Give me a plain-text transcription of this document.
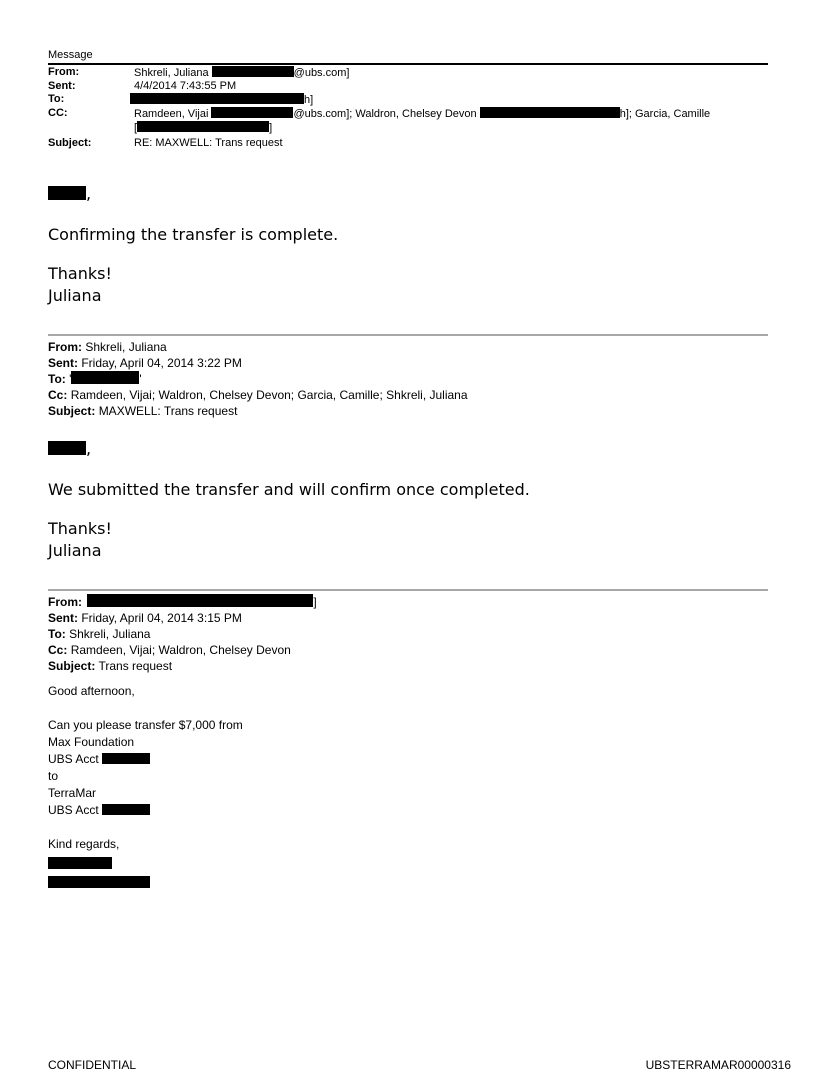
Message
From:	Shkreli, Juliana	@ubs.com]
Sent:	4/4/2014 7:43:55 PM
To:	h]
CC:	Ramdeen, Vijai	@ubs.com]; Waldron, Chelsey Devon	h]; Garcia, Camille
[	]
Subject:	RE: MAXWELL: Trans request
,
Confirming the transfer is complete.
Thanks!
Juliana
From: Shkreli, Juliana
Sent: Friday, April 04, 2014 3:22 PM
To: '	'
Cc: Ramdeen, Vijai; Waldron, Chelsey Devon; Garcia, Camille; Shkreli, Juliana
Subject: MAXWELL: Trans request
,
We submitted the transfer and will confirm once completed.
Thanks!
Juliana
From:	]
Sent: Friday, April 04, 2014 3:15 PM
To: Shkreli, Juliana
Cc: Ramdeen, Vijai; Waldron, Chelsey Devon
Subject: Trans request
Good afternoon,
Can you please transfer $7,000 from
Max Foundation
UBS Acct
to
TerraMar
UBS Acct
Kind regards,
CONFIDENTIAL	UBSTERRAMAR00000316
